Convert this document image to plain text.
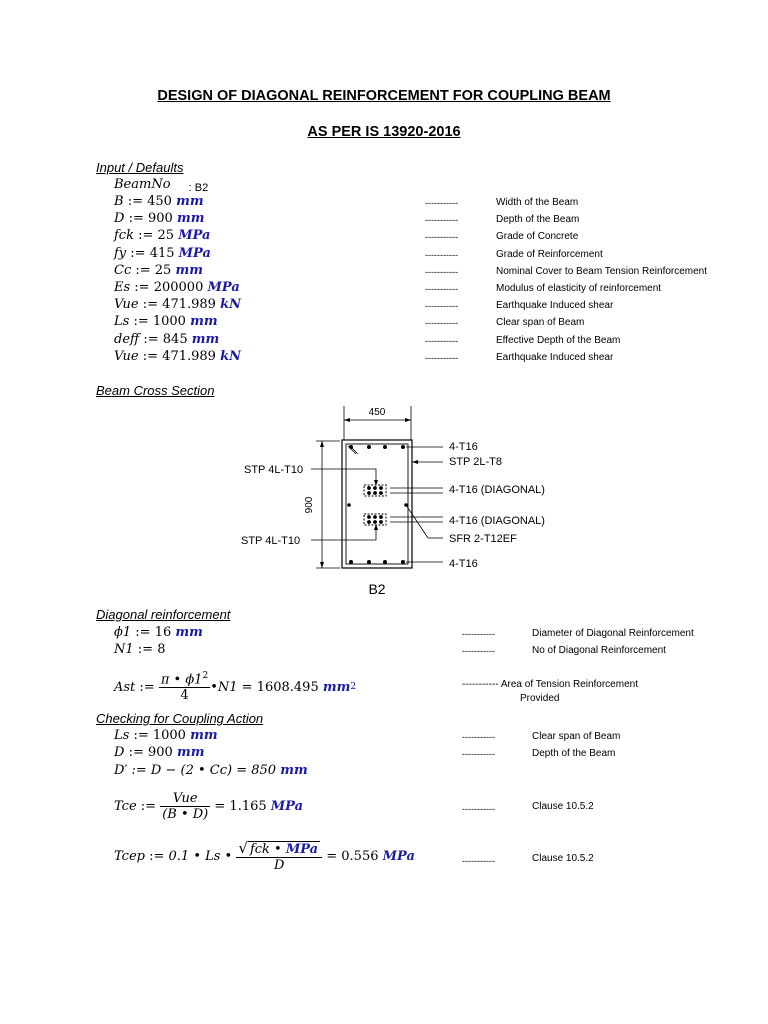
DESIGN OF DIAGONAL REINFORCEMENT FOR COUPLING BEAM
AS PER IS 13920-2016
Input / Defaults
BeamNo $_{: B2}$
B := 450 mm	-----------	Width of the Beam
D := 900 mm	-----------	Depth of the Beam
fck := 25 MPa	-----------	Grade of Concrete
fy := 415 MPa	-----------	Grade of Reinforcement
Cc := 25 mm	-----------	Nominal Cover to Beam Tension Reinforcement
Es := 200000 MPa	-----------	Modulus of elasticity of reinforcement
Vue := 471.989 kN	-----------	Earthquake Induced shear
Ls := 1000 mm	-----------	Clear span of Beam
deff := 845 mm	-----------	Effective Depth of the Beam
Vue := 471.989 kN	-----------	Earthquake Induced shear
Beam Cross Section
450
900
4-T16
STP 2L-T8
4-T16 (DIAGONAL)
4-T16 (DIAGONAL)
SFR 2-T12EF
4-T16
STP 4L-T10
STP 4L-T10
B2
Diagonal reinforcement
ϕ1 := 16 mm	-----------	Diameter of Diagonal Reinforcement
N1 := 8	-----------	No of Diagonal Reinforcement
Ast := $\frac{\pi • \phi 1^2}{4}$ •N1 = 1608.495
mm 2	----------- Area of Tension Reinforcement
Provided
Checking for Coupling Action
Ls := 1000 mm	-----------	Clear span of Beam
D := 900 mm	-----------	Depth of the Beam
D′ := D − (2 • Cc) = 850 mm
Tce := $\frac{\text{Vue}}{(B • D)} = 1.165$
MPa	-----------	Clause 10.5.2
Tcep := 0.1 • Ls •
$\frac{\text{√ fck • MPa}}{D} = 0.556$
MPa	-----------	Clause 10.5.2
